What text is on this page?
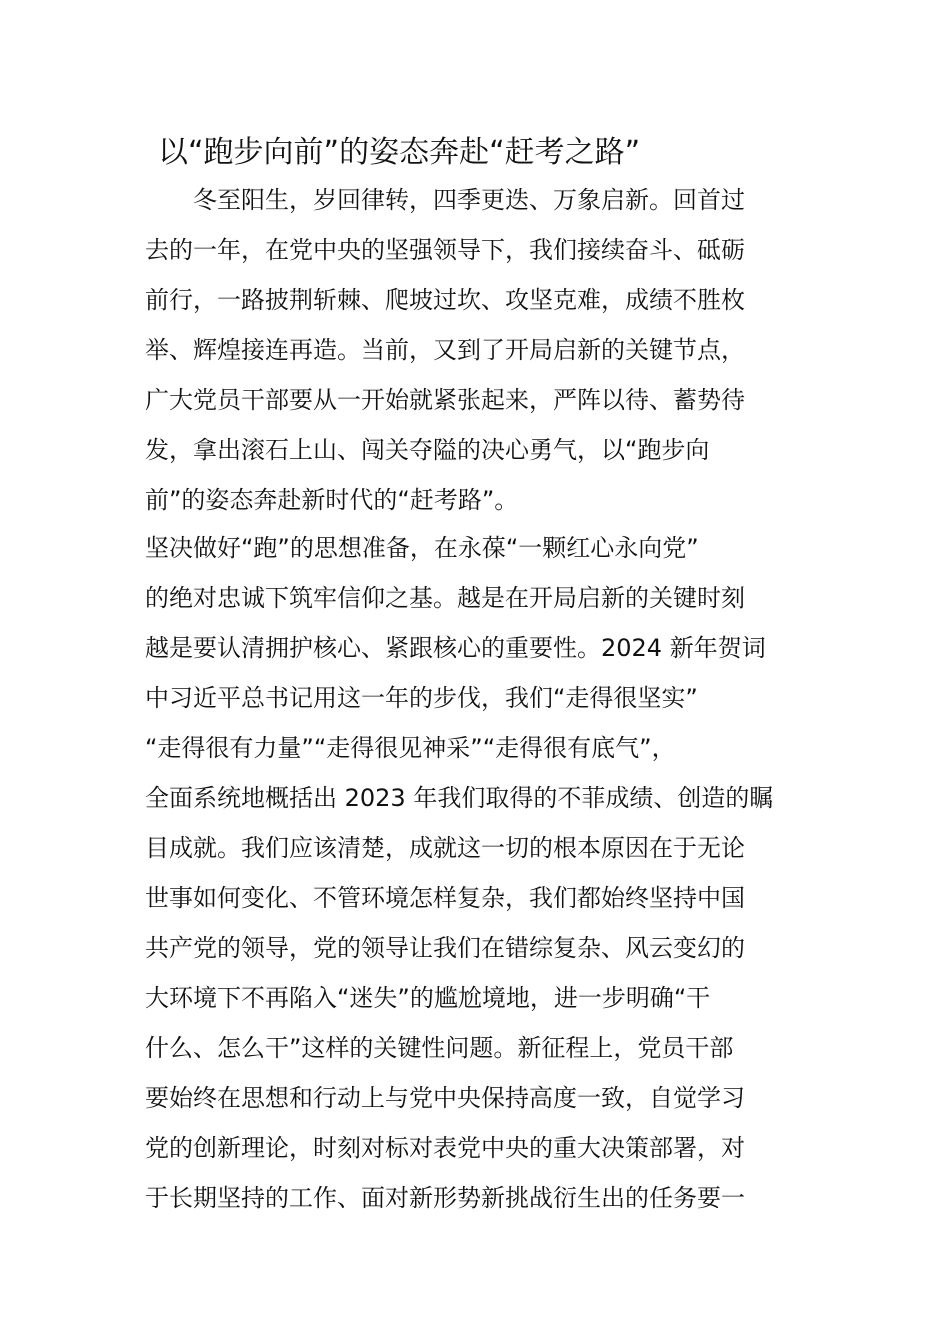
以“跑步向前”的姿态奔赴“赶考之路”

　　冬至阳生，岁回律转，四季更迭、万象启新。回首过

去的一年，在党中央的坚强领导下，我们接续奋斗、砥砺

前行，一路披荆斩棘、爬坡过坎、攻坚克难，成绩不胜枚

举、辉煌接连再造。当前，又到了开局启新的关键节点，

广大党员干部要从一开始就紧张起来，严阵以待、蓄势待

发，拿出滚石上山、闯关夺隘的决心勇气，以“跑步向

前”的姿态奔赴新时代的“赶考路”。

坚决做好“跑”的思想准备，在永葆“一颗红心永向党”

的绝对忠诚下筑牢信仰之基。越是在开局启新的关键时刻

越是要认清拥护核心、紧跟核心的重要性。2024 新年贺词

中习近平总书记用这一年的步伐，我们“走得很坚实”

“走得很有力量”“走得很见神采”“走得很有底气”，

全面系统地概括出 2023 年我们取得的不菲成绩、创造的瞩

目成就。我们应该清楚，成就这一切的根本原因在于无论

世事如何变化、不管环境怎样复杂，我们都始终坚持中国

共产党的领导，党的领导让我们在错综复杂、风云变幻的

大环境下不再陷入“迷失”的尴尬境地，进一步明确“干

什么、怎么干”这样的关键性问题。新征程上，党员干部

要始终在思想和行动上与党中央保持高度一致，自觉学习

党的创新理论，时刻对标对表党中央的重大决策部署，对

于长期坚持的工作、面对新形势新挑战衍生出的任务要一
